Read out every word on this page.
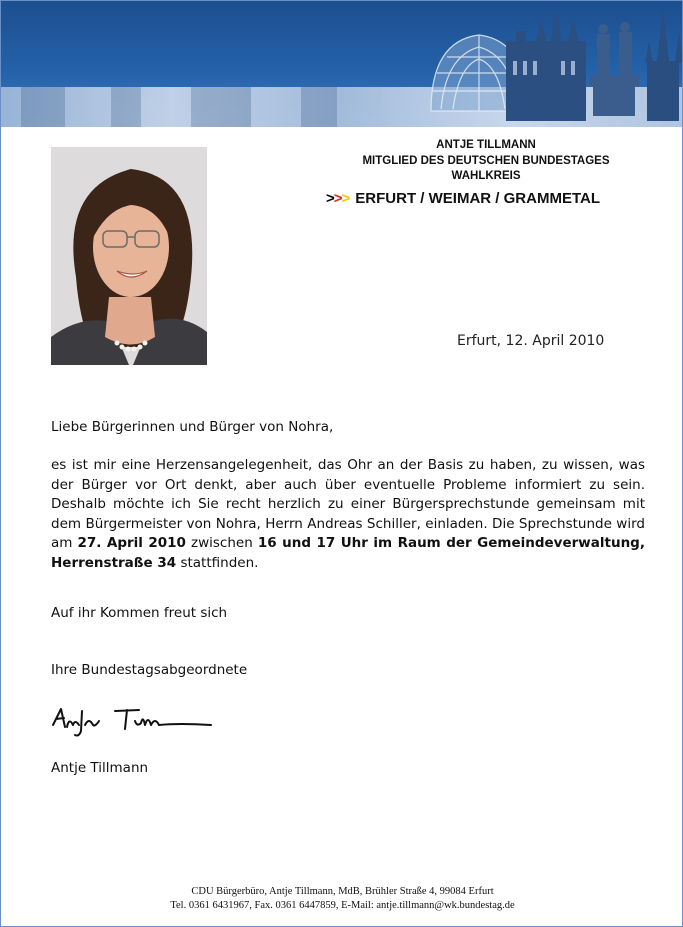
ANTJE TILLMANN
MITGLIED DES DEUTSCHEN BUNDESTAGES
WAHLKREIS
>>> ERFURT / WEIMAR / GRAMMETAL
Erfurt, 12. April 2010
Liebe Bürgerinnen und Bürger von Nohra,
es ist mir eine Herzensangelegenheit, das Ohr an der Basis zu haben, zu wissen, was der Bürger vor Ort denkt, aber auch über eventuelle Probleme informiert zu sein. Deshalb möchte ich Sie recht herzlich zu einer Bürgersprechstunde gemeinsam mit dem Bürgermeister von Nohra, Herrn Andreas Schiller, einladen. Die Sprechstunde wird am 27. April 2010 zwischen 16 und 17 Uhr im Raum der Gemeindeverwaltung, Herrenstraße 34 stattfinden.
Auf ihr Kommen freut sich
Ihre Bundestagsabgeordnete
Antje Tillmann
CDU Bürgerbüro, Antje Tillmann, MdB, Brühler Straße 4, 99084 Erfurt
Tel. 0361 6431967, Fax. 0361 6447859, E-Mail: antje.tillmann@wk.bundestag.de
